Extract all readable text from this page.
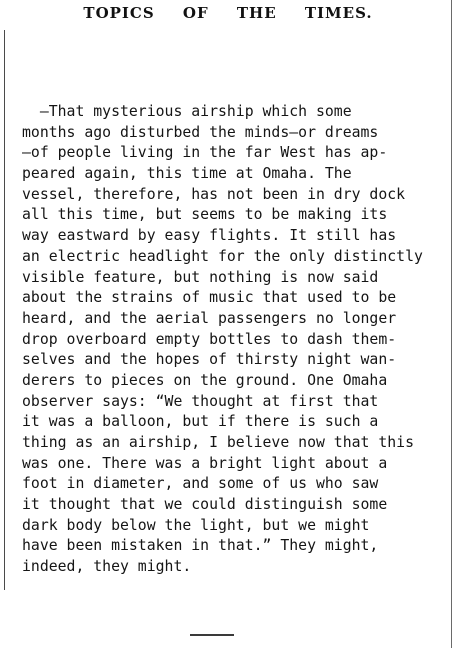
TOPICS OF THE TIMES.
—That mysterious airship which some
months ago disturbed the minds—or dreams
—of people living in the far West has ap-
peared again, this time at Omaha. The
vessel, therefore, has not been in dry dock
all this time, but seems to be making its
way eastward by easy flights. It still has
an electric headlight for the only distinctly
visible feature, but nothing is now said
about the strains of music that used to be
heard, and the aerial passengers no longer
drop overboard empty bottles to dash them-
selves and the hopes of thirsty night wan-
derers to pieces on the ground. One Omaha
observer says: “We thought at first that
it was a balloon, but if there is such a
thing as an airship, I believe now that this
was one. There was a bright light about a
foot in diameter, and some of us who saw
it thought that we could distinguish some
dark body below the light, but we might
have been mistaken in that.” They might,
indeed, they might.
